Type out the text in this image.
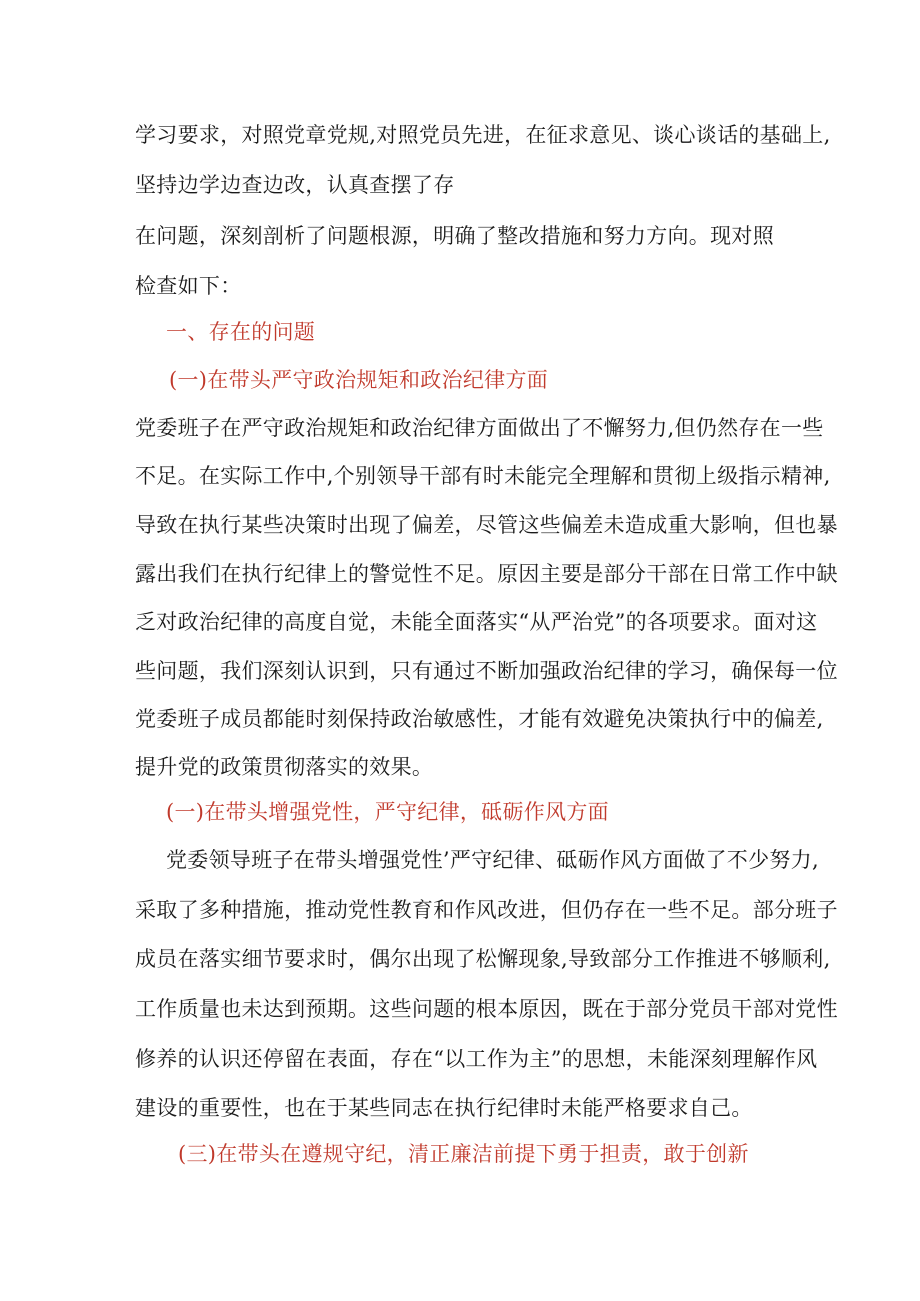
学习要求，对照党章党规,对照党员先进，在征求意见、谈心谈话的基础上,
坚持边学边查边改，认真查摆了存
在问题，深刻剖析了问题根源，明确了整改措施和努力方向。现对照
检查如下：
一、存在的问题
(一)在带头严守政治规矩和政治纪律方面
党委班子在严守政治规矩和政治纪律方面做出了不懈努力,但仍然存在一些
不足。在实际工作中,个别领导干部有时未能完全理解和贯彻上级指示精神,
导致在执行某些决策时出现了偏差，尽管这些偏差未造成重大影响，但也暴
露出我们在执行纪律上的警觉性不足。原因主要是部分干部在日常工作中缺
乏对政治纪律的高度自觉，未能全面落实“从严治党”的各项要求。面对这
些问题，我们深刻认识到，只有通过不断加强政治纪律的学习，确保每一位
党委班子成员都能时刻保持政治敏感性，才能有效避免决策执行中的偏差,
提升党的政策贯彻落实的效果。
(一)在带头增强党性，严守纪律，砥砺作风方面
党委领导班子在带头增强党性’严守纪律、砥砺作风方面做了不少努力,
采取了多种措施，推动党性教育和作风改进，但仍存在一些不足。部分班子
成员在落实细节要求时，偶尔出现了松懈现象,导致部分工作推进不够顺利,
工作质量也未达到预期。这些问题的根本原因，既在于部分党员干部对党性
修养的认识还停留在表面，存在“以工作为主”的思想，未能深刻理解作风
建设的重要性，也在于某些同志在执行纪律时未能严格要求自己。
(三)在带头在遵规守纪，清正廉洁前提下勇于担责，敢于创新
